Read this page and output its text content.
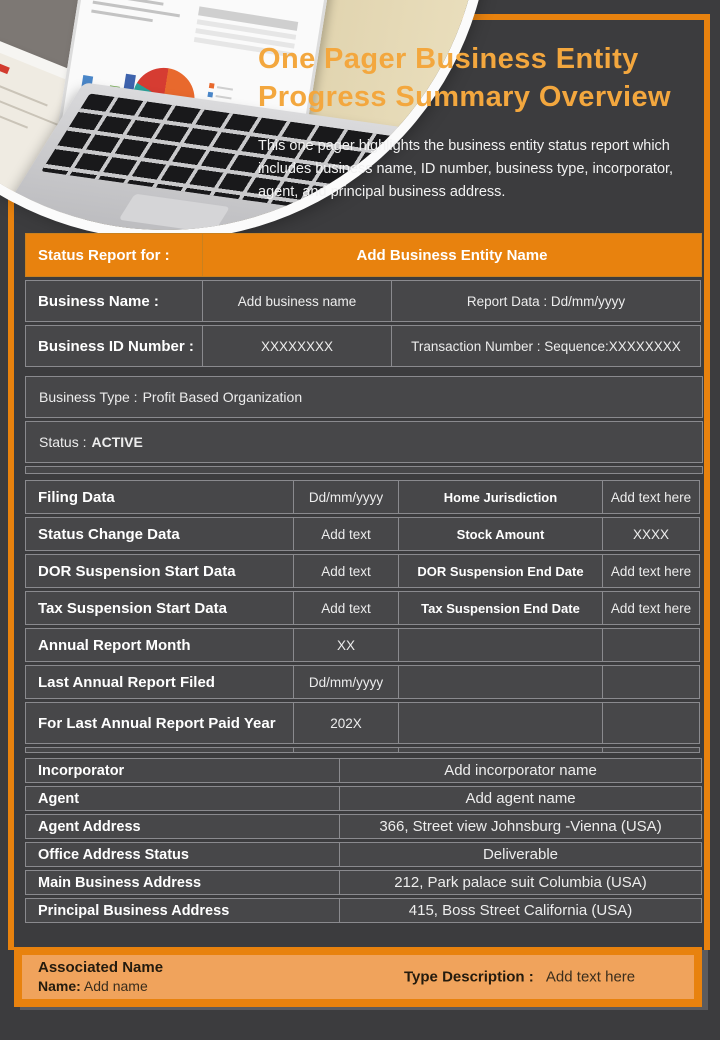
One Pager Business Entity
Progress Summary Overview

This one pager highlights the business entity status report which
includes business name, ID number, business type, incorporator,
agent, and principal business address.

Status Report for :	Add Business Entity Name
Business Name :	Add business name	Report Data : Dd/mm/yyyy
Business ID Number :	XXXXXXXX	Transaction Number : Sequence:XXXXXXXX
Business Type : Profit Based Organization
Status : ACTIVE
Filing Data	Dd/mm/yyyy	Home Jurisdiction	Add text here
Status Change Data	Add text	Stock Amount	XXXX
DOR Suspension Start Data	Add text	DOR Suspension End Date	Add text here
Tax Suspension Start Data	Add text	Tax Suspension End Date	Add text here
Annual Report Month	XX
Last Annual Report Filed	Dd/mm/yyyy
For Last Annual Report Paid Year	202X
Incorporator	Add incorporator name
Agent	Add agent name
Agent Address	366, Street view Johnsburg -Vienna (USA)
Office Address Status	Deliverable
Main Business Address	212, Park palace suit Columbia (USA)
Principal Business Address	415, Boss Street California (USA)
Associated Name
Name: Add name
Type Description : Add text here
